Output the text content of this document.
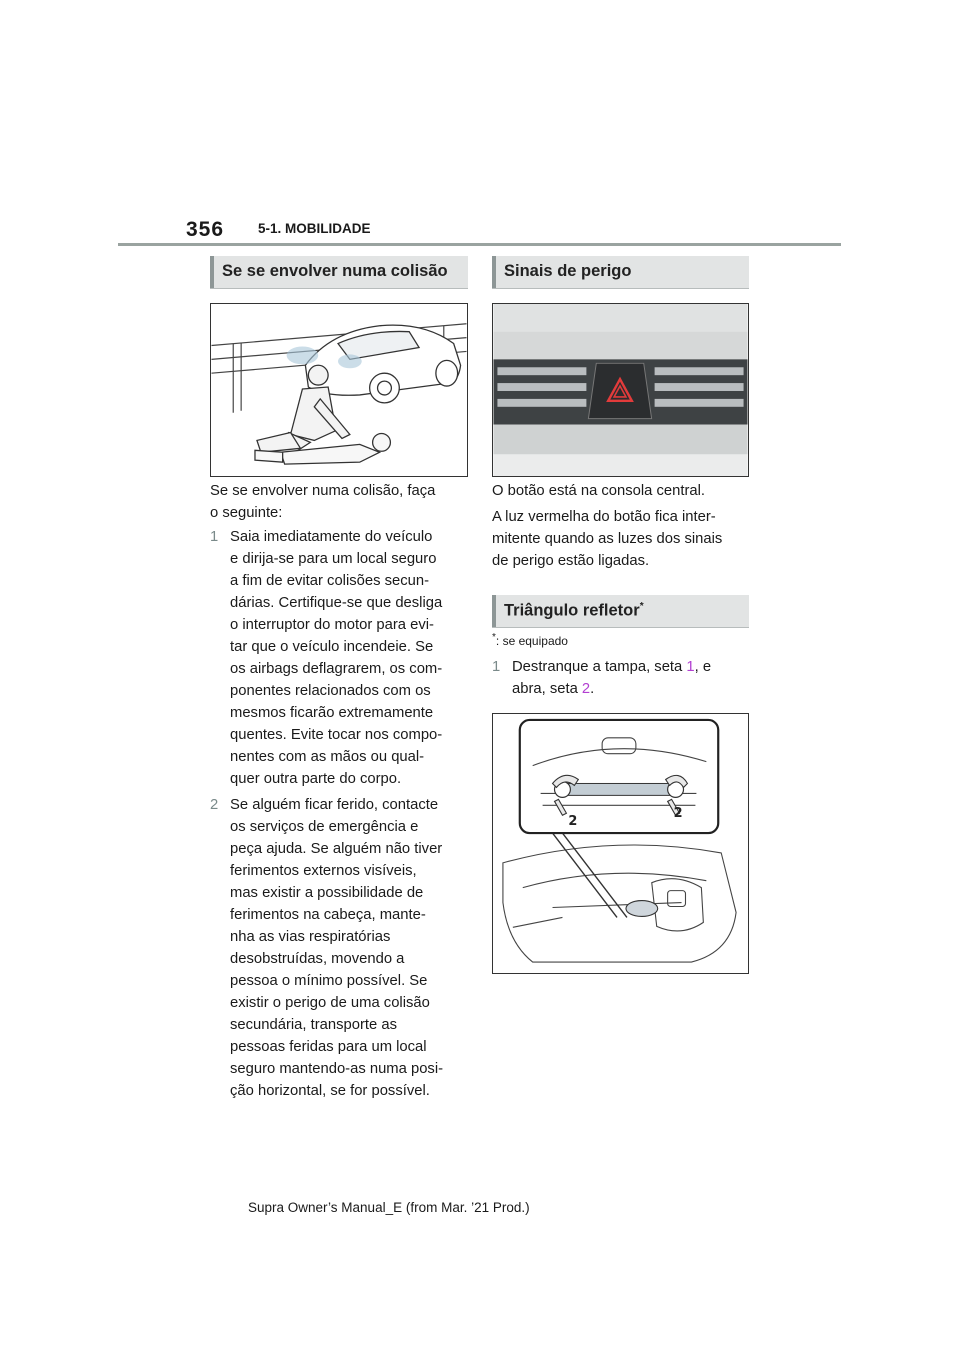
356	5-1. MOBILIDADE
Se se envolver numa colisão
Se se envolver numa colisão, faça
o seguinte:
1 Saia imediatamente do veículo
e dirija-se para um local seguro
a fim de evitar colisões secun-
dárias. Certifique-se que desliga
o interruptor do motor para evi-
tar que o veículo incendeie. Se
os airbags deflagrarem, os com-
ponentes relacionados com os
mesmos ficarão extremamente
quentes. Evite tocar nos compo-
nentes com as mãos ou qual-
quer outra parte do corpo.
2 Se alguém ficar ferido, contacte
os serviços de emergência e
peça ajuda. Se alguém não tiver
ferimentos externos visíveis,
mas existir a possibilidade de
ferimentos na cabeça, mante-
nha as vias respiratórias
desobstruídas, movendo a
pessoa o mínimo possível. Se
existir o perigo de uma colisão
secundária, transporte as
pessoas feridas para um local
seguro mantendo-as numa posi-
ção horizontal, se for possível.
Sinais de perigo
O botão está na consola central.
A luz vermelha do botão fica inter-
mitente quando as luzes dos sinais
de perigo estão ligadas.
Triângulo refletor*
*: se equipado
1 Destranque a tampa, seta 1, e
abra, seta 2.
2
2
Supra Owner’s Manual_E (from Mar. ’21 Prod.)
